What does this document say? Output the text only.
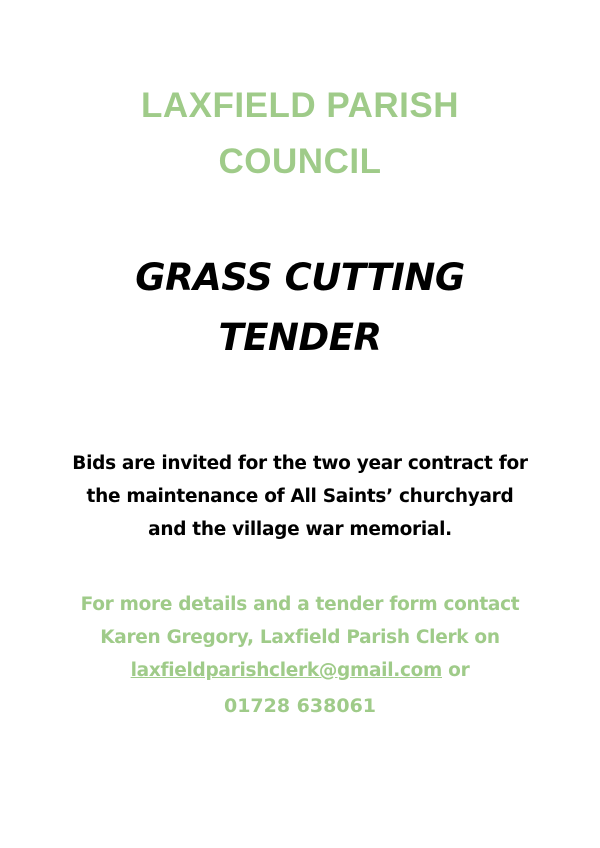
LAXFIELD PARISH
COUNCIL
GRASS CUTTING
TENDER
Bids are invited for the two year contract for
the maintenance of All Saints’ churchyard
and the village war memorial.
For more details and a tender form contact
Karen Gregory, Laxfield Parish Clerk on
laxfieldparishclerk@gmail.com or
01728 638061
